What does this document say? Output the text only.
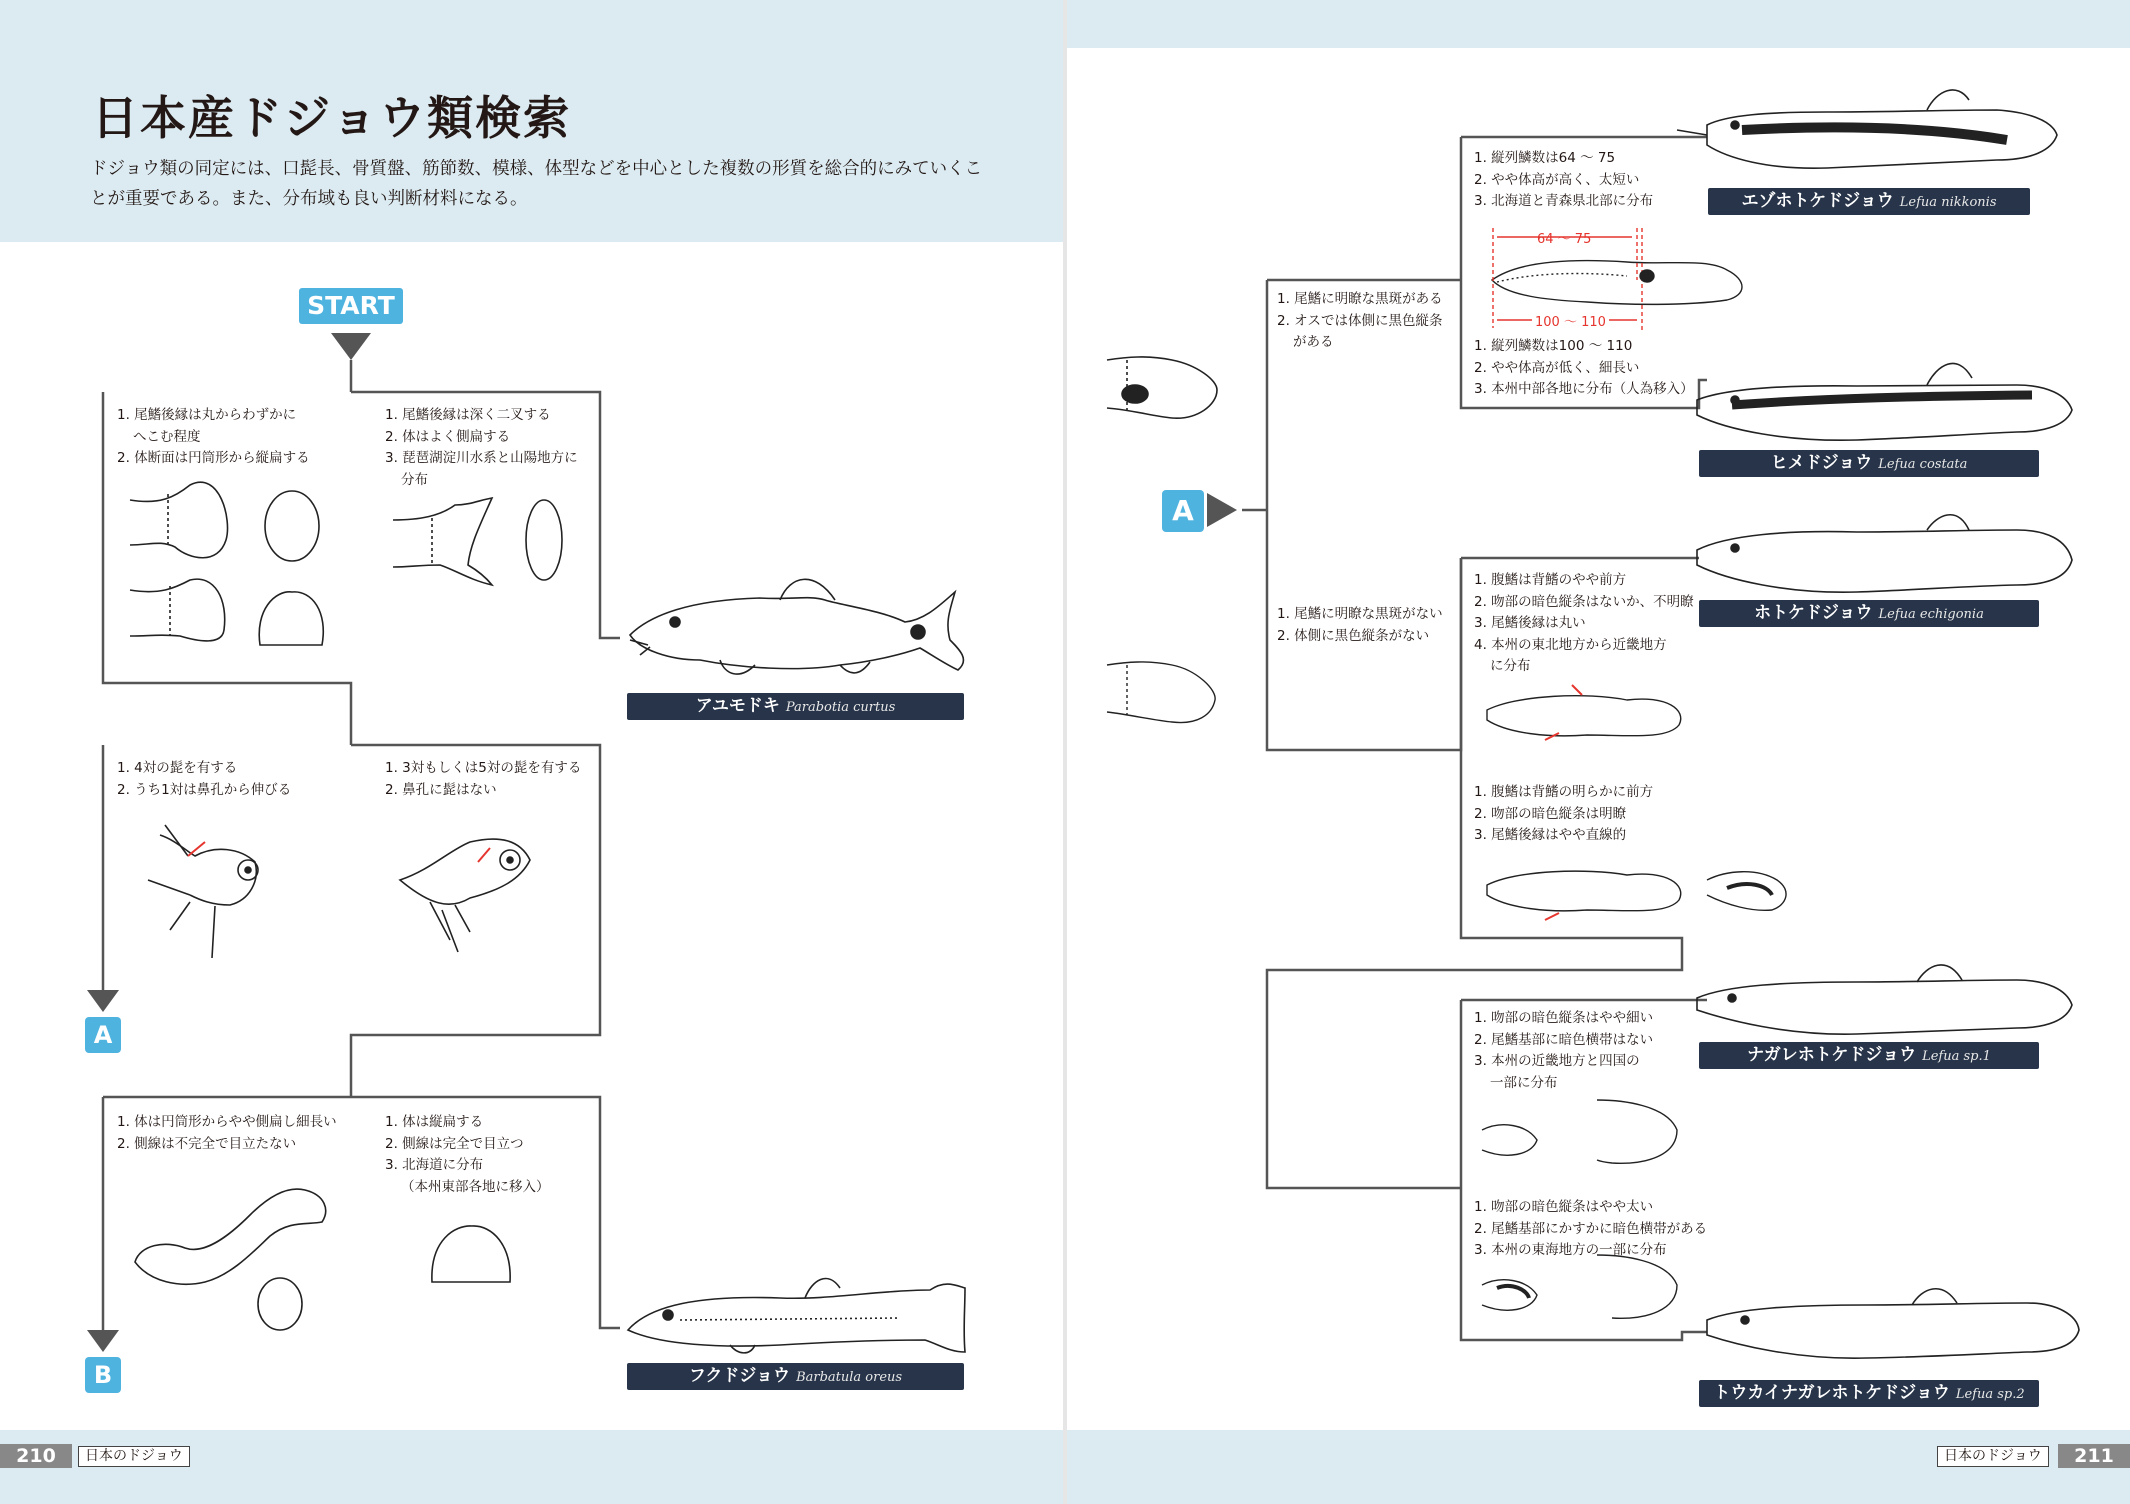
日本産ドジョウ類検索
ドジョウ類の同定には、口髭長、骨質盤、筋節数、模様、体型などを中心とした複数の形質を総合的にみていくことが重要である。また、分布域も良い判断材料になる。
START
1. 尾鰭後縁は丸からわずかに
へこむ程度
2. 体断面は円筒形から縦扁する
1. 尾鰭後縁は深く二叉する
2. 体はよく側扁する
3. 琵琶湖淀川水系と山陽地方に
分布
1. 4対の髭を有する
2. うち1対は鼻孔から伸びる
1. 3対もしくは5対の髭を有する
2. 鼻孔に髭はない
1. 体は円筒形からやや側扁し細長い
2. 側線は不完全で目立たない
1. 体は縦扁する
2. 側線は完全で目立つ
3. 北海道に分布
（本州東部各地に移入）
アユモドキ Parabotia curtus
フクドジョウ Barbatula oreus
A
B
210	日本のドジョウ
A
1. 尾鰭に明瞭な黒斑がある
2. オスでは体側に黒色縦条
がある
1. 縦列鱗数は64 ～ 75
2. やや体高が高く、太短い
3. 北海道と青森県北部に分布
64 ～ 75
100 ～ 110
1. 縦列鱗数は100 ～ 110
2. やや体高が低く、細長い
3. 本州中部各地に分布（人為移入）
1. 尾鰭に明瞭な黒斑がない
2. 体側に黒色縦条がない
1. 腹鰭は背鰭のやや前方
2. 吻部の暗色縦条はないか、不明瞭
3. 尾鰭後縁は丸い
4. 本州の東北地方から近畿地方
に分布
1. 腹鰭は背鰭の明らかに前方
2. 吻部の暗色縦条は明瞭
3. 尾鰭後縁はやや直線的
1. 吻部の暗色縦条はやや細い
2. 尾鰭基部に暗色横帯はない
3. 本州の近畿地方と四国の
一部に分布
1. 吻部の暗色縦条はやや太い
2. 尾鰭基部にかすかに暗色横帯がある
3. 本州の東海地方の一部に分布
エゾホトケドジョウ Lefua nikkonis
ヒメドジョウ Lefua costata
ホトケドジョウ Lefua echigonia
ナガレホトケドジョウ Lefua sp.1
トウカイナガレホトケドジョウ Lefua sp.2
日本のドジョウ	211
